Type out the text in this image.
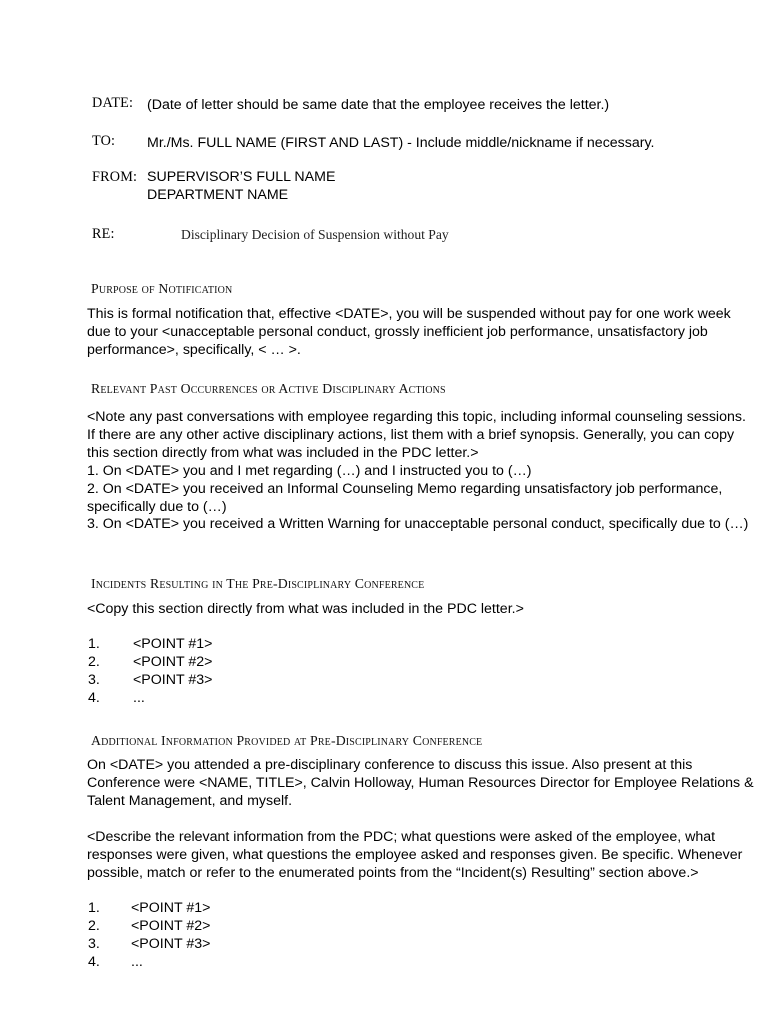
DATE: (Date of letter should be same date that the employee receives the letter.)
TO: Mr./Ms. FULL NAME (FIRST AND LAST) - Include middle/nickname if necessary.
FROM: SUPERVISOR’S FULL NAME
DEPARTMENT NAME
RE:	Disciplinary Decision of Suspension without Pay
Purpose of Notification

This is formal notification that, effective <DATE>, you will be suspended without pay for one work week due to your <unacceptable personal conduct, grossly inefficient job performance, unsatisfactory job performance>, specifically, < … >.

Relevant Past Occurrences or Active Disciplinary Actions
<Note any past conversations with employee regarding this topic, including informal counseling sessions. If there are any other active disciplinary actions, list them with a brief synopsis. Generally, you can copy this section directly from what was included in the PDC letter.>
1. On <DATE> you and I met regarding (…) and I instructed you to (…)
2. On <DATE> you received an Informal Counseling Memo regarding unsatisfactory job performance, specifically due to (…)
3. On <DATE> you received a Written Warning for unacceptable personal conduct, specifically due to (…)
Incidents Resulting in The Pre-Disciplinary Conference
<Copy this section directly from what was included in the PDC letter.>
1.	<POINT #1>
2.	<POINT #2>
3.	<POINT #3>
4.	...
Additional Information Provided at Pre-Disciplinary Conference

On <DATE> you attended a pre-disciplinary conference to discuss this issue. Also present at this Conference were <NAME, TITLE>, Calvin Holloway, Human Resources Director for Employee Relations & Talent Management, and myself.

<Describe the relevant information from the PDC; what questions were asked of the employee, what responses were given, what questions the employee asked and responses given. Be specific. Whenever possible, match or refer to the enumerated points from the “Incident(s) Resulting” section above.>

1.	<POINT #1>
2.	<POINT #2>
3.	<POINT #3>
4.	...
